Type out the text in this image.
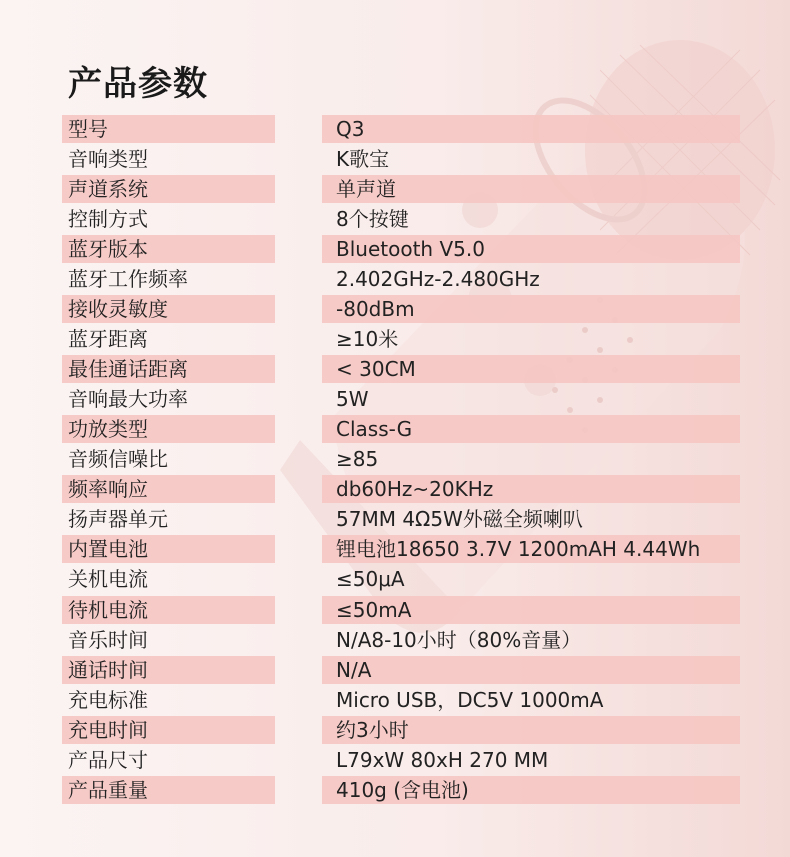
产品参数
型号	Q3
音响类型	K歌宝
声道系统	单声道
控制方式	8个按键
蓝牙版本	Bluetooth V5.0
蓝牙工作频率	2.402GHz-2.480GHz
接收灵敏度	-80dBm
蓝牙距离	≥10米
最佳通话距离	< 30CM
音响最大功率	5W
功放类型	Class-G
音频信噪比	≥85
频率响应	db60Hz~20KHz
扬声器单元	57MM 4Ω5W外磁全频喇叭
内置电池	锂电池18650 3.7V 1200mAH 4.44Wh
关机电流	≤50μA
待机电流	≤50mA
音乐时间	N/A8-10小时（80%音量）
通话时间	N/A
充电标准	Micro USB，DC5V 1000mA
充电时间	约3小时
产品尺寸	L79xW 80xH 270 MM
产品重量	410g (含电池)
